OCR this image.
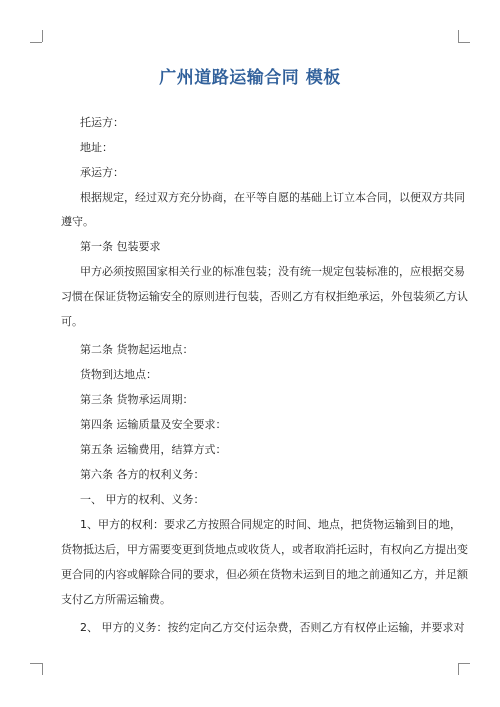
广州道路运输合同 模板
托运方：
地址：
承运方：
根据规定，经过双方充分协商，在平等自愿的基础上订立本合同，以便双方共同
遵守。
第一条 包装要求
甲方必须按照国家相关行业的标准包装；没有统一规定包装标准的，应根据交易
习惯在保证货物运输安全的原则进行包装，否则乙方有权拒绝承运，外包装须乙方认
可。
第二条 货物起运地点：
货物到达地点：
第三条 货物承运周期：
第四条 运输质量及安全要求：
第五条 运输费用，结算方式：
第六条 各方的权利义务：
一、 甲方的权利、义务：
1、甲方的权利：要求乙方按照合同规定的时间、地点，把货物运输到目的地，
货物抵达后，甲方需要变更到货地点或收货人，或者取消托运时，有权向乙方提出变
更合同的内容或解除合同的要求，但必须在货物未运到目的地之前通知乙方，并足额
支付乙方所需运输费。
2、 甲方的义务：按约定向乙方交付运杂费，否则乙方有权停止运输，并要求对
